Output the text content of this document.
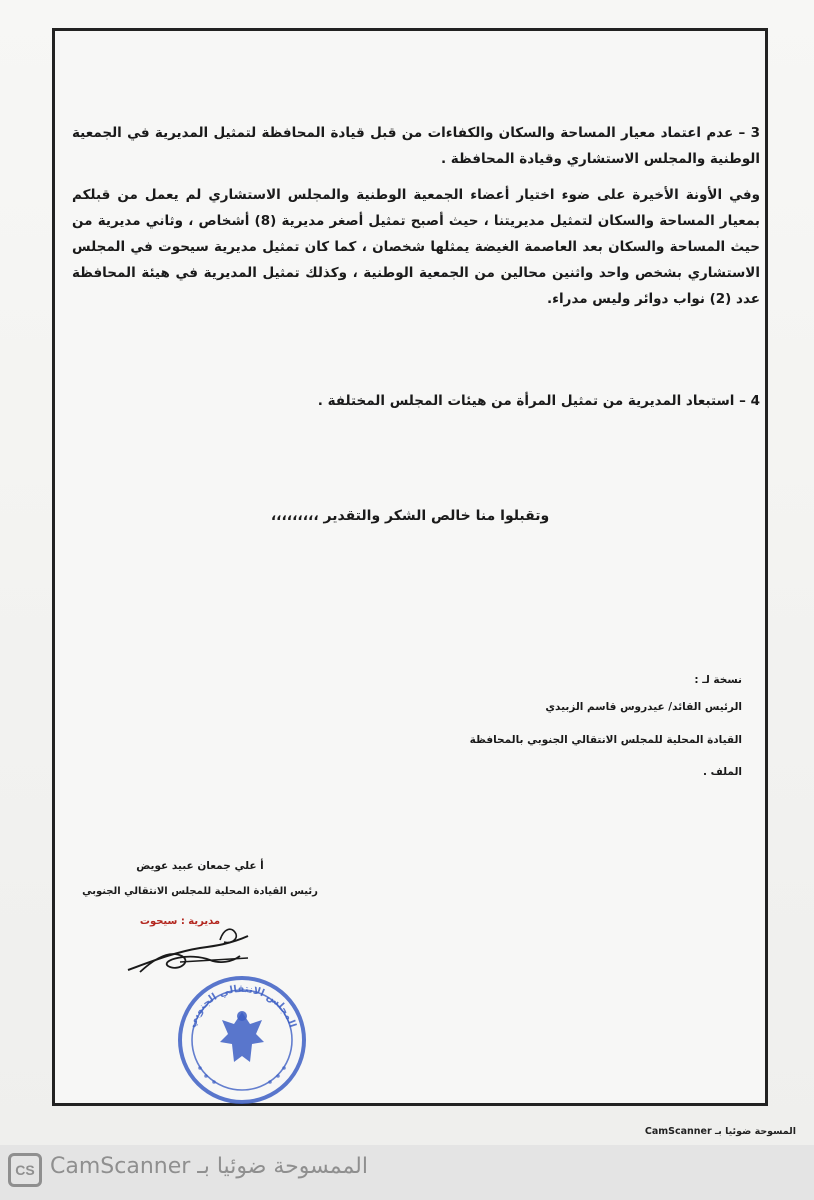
3 – عدم اعتماد معيار المساحة والسكان والكفاءات من قبل قيادة المحافظة لتمثيل المديرية في الجمعية الوطنية والمجلس الاستشاري وقيادة المحافظة .
وفي الأونة الأخيرة على ضوء اختيار أعضاء الجمعية الوطنية والمجلس الاستشاري لم يعمل من قبلكم بمعيار المساحة والسكان لتمثيل مديريتنا ، حيث أصبح تمثيل أصغر مديرية (8) أشخاص ، وثاني مديرية من حيث المساحة والسكان بعد العاصمة الغيضة يمثلها شخصان ، كما كان تمثيل مديرية سيحوت في المجلس الاستشاري بشخص واحد واثنين محالين من الجمعية الوطنية ، وكذلك تمثيل المديرية في هيئة المحافظة عدد (2) نواب دوائر وليس مدراء.
4 – استبعاد المديرية من تمثيل المرأة من هيئات المجلس المختلفة .
وتقبلوا منا خالص الشكر والتقدير ،،،،،،،،،
نسخة لـ :
الرئيس القائد/ عيدروس قاسم الزبيدي
القيادة المحلية للمجلس الانتقالي الجنوبي بالمحافظة
الملف .
أ علي جمعان عبيد عويض
رئيس القيادة المحلية للمجلس الانتقالي الجنوبي
مديرية : سيحوت
المجلس الانتقالي الجنوبي
المسوحة ضوئيا بـ CamScanner
CS CamScanner الممسوحة ضوئيا بـ
